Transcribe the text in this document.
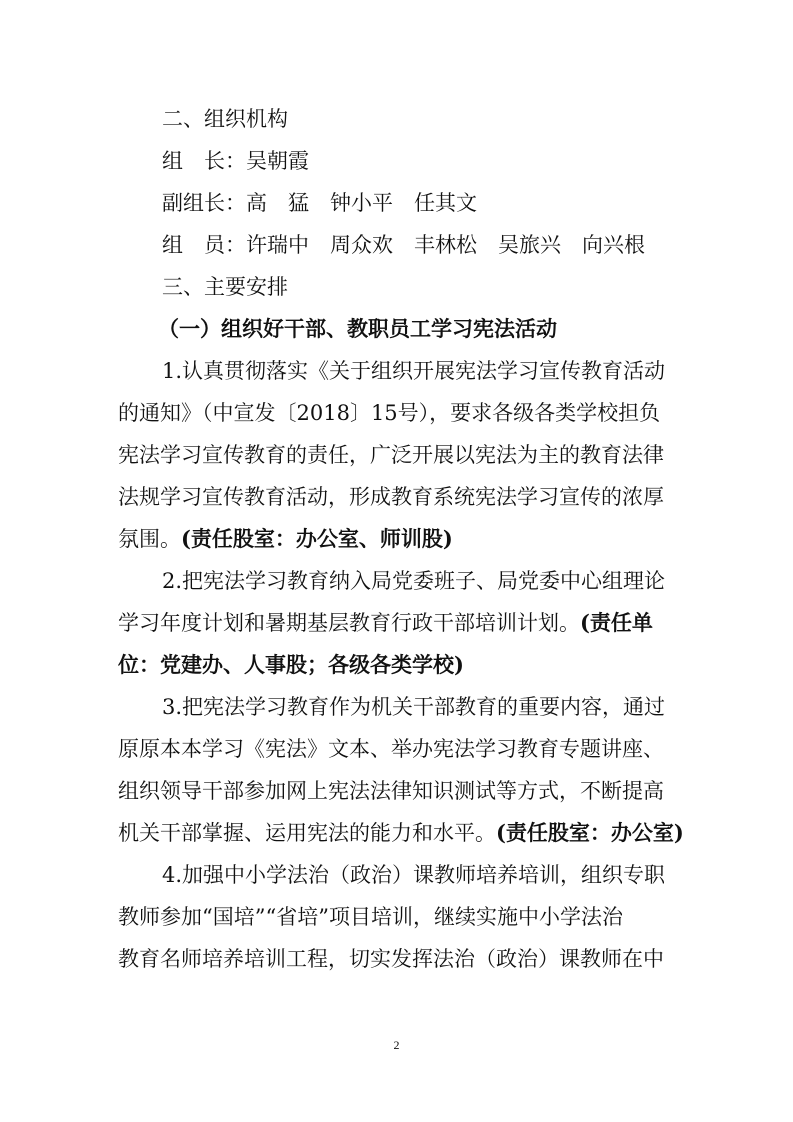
二、组织机构
组　长：吴朝霞
副组长：高　猛　钟小平　任其文
组　员：许瑞中　周众欢　丰林松　吴旅兴　向兴根
三、主要安排
（一）组织好干部、教职员工学习宪法活动
1.认真贯彻落实《关于组织开展宪法学习宣传教育活动
的通知》（中宣发〔2018〕15号），要求各级各类学校担负
宪法学习宣传教育的责任，广泛开展以宪法为主的教育法律
法规学习宣传教育活动，形成教育系统宪法学习宣传的浓厚
氛围。(责任股室：办公室、师训股)
2.把宪法学习教育纳入局党委班子、局党委中心组理论
学习年度计划和暑期基层教育行政干部培训计划。(责任单
位：党建办、人事股；各级各类学校)
3.把宪法学习教育作为机关干部教育的重要内容，通过
原原本本学习《宪法》文本、举办宪法学习教育专题讲座、
组织领导干部参加网上宪法法律知识测试等方式，不断提高
机关干部掌握、运用宪法的能力和水平。(责任股室：办公室)
4.加强中小学法治（政治）课教师培养培训，组织专职
教师参加“国培”“省培”项目培训，继续实施中小学法治
教育名师培养培训工程，切实发挥法治（政治）课教师在中
2
